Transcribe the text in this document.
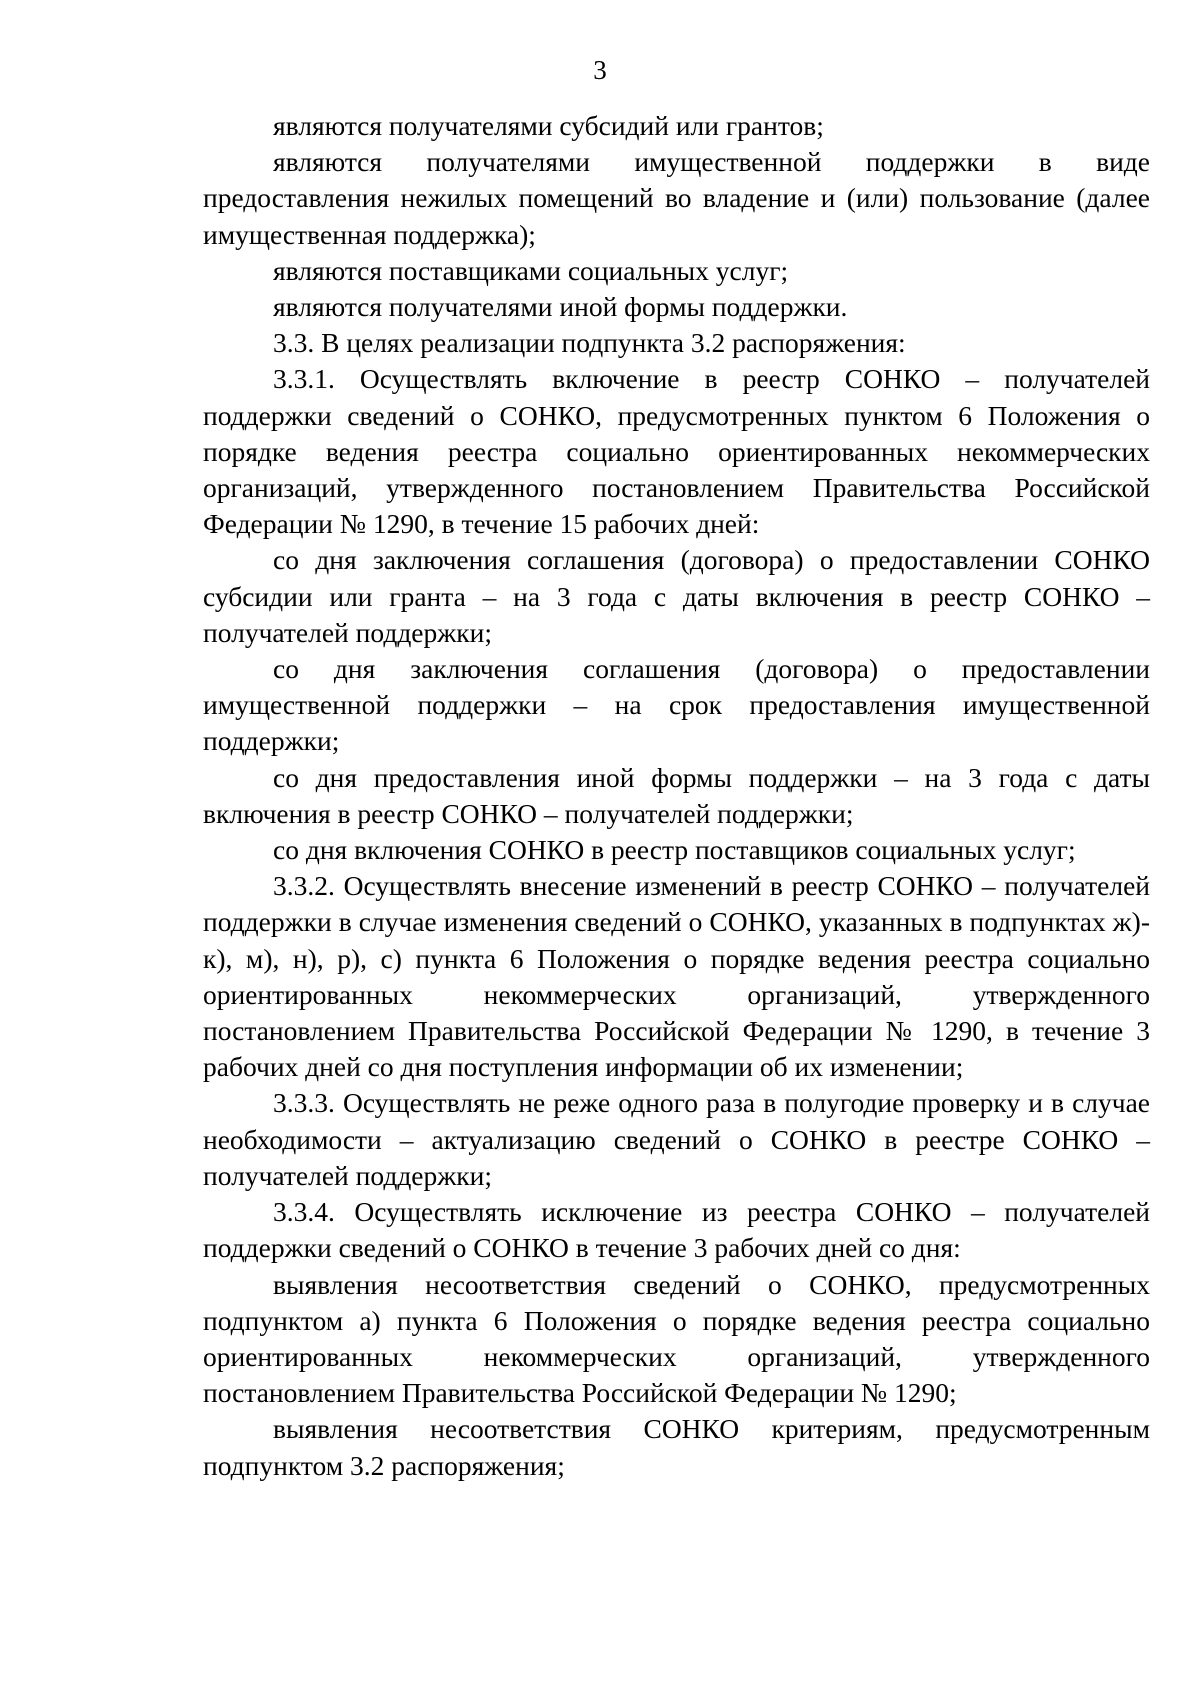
3

являются получателями субсидий или грантов;

являются получателями имущественной поддержки в виде предоставления нежилых помещений во владение и (или) пользование (далее имущественная поддержка);

являются поставщиками социальных услуг;

являются получателями иной формы поддержки.

3.3. В целях реализации подпункта 3.2 распоряжения:

3.3.1. Осуществлять включение в реестр СОНКО – получателей поддержки сведений о СОНКО, предусмотренных пунктом 6 Положения о порядке ведения реестра социально ориентированных некоммерческих организаций, утвержденного постановлением Правительства Российской Федерации № 1290, в течение 15 рабочих дней:

со дня заключения соглашения (договора) о предоставлении СОНКО субсидии или гранта – на 3 года с даты включения в реестр СОНКО – получателей поддержки;

со дня заключения соглашения (договора) о предоставлении имущественной поддержки – на срок предоставления имущественной поддержки;

со дня предоставления иной формы поддержки – на 3 года с даты включения в реестр СОНКО – получателей поддержки;

со дня включения СОНКО в реестр поставщиков социальных услуг;

3.3.2. Осуществлять внесение изменений в реестр СОНКО – получателей поддержки в случае изменения сведений о СОНКО, указанных в подпунктах ж)-к), м), н), р), с) пункта 6 Положения о порядке ведения реестра социально ориентированных некоммерческих организаций, утвержденного постановлением Правительства Российской Федерации № 1290, в течение 3 рабочих дней со дня поступления информации об их изменении;

3.3.3. Осуществлять не реже одного раза в полугодие проверку и в случае необходимости – актуализацию сведений о СОНКО в реестре СОНКО – получателей поддержки;

3.3.4. Осуществлять исключение из реестра СОНКО – получателей поддержки сведений о СОНКО в течение 3 рабочих дней со дня:

выявления несоответствия сведений о СОНКО, предусмотренных подпунктом а) пункта 6 Положения о порядке ведения реестра социально ориентированных некоммерческих организаций, утвержденного постановлением Правительства Российской Федерации № 1290;

выявления несоответствия СОНКО критериям, предусмотренным подпунктом 3.2 распоряжения;
